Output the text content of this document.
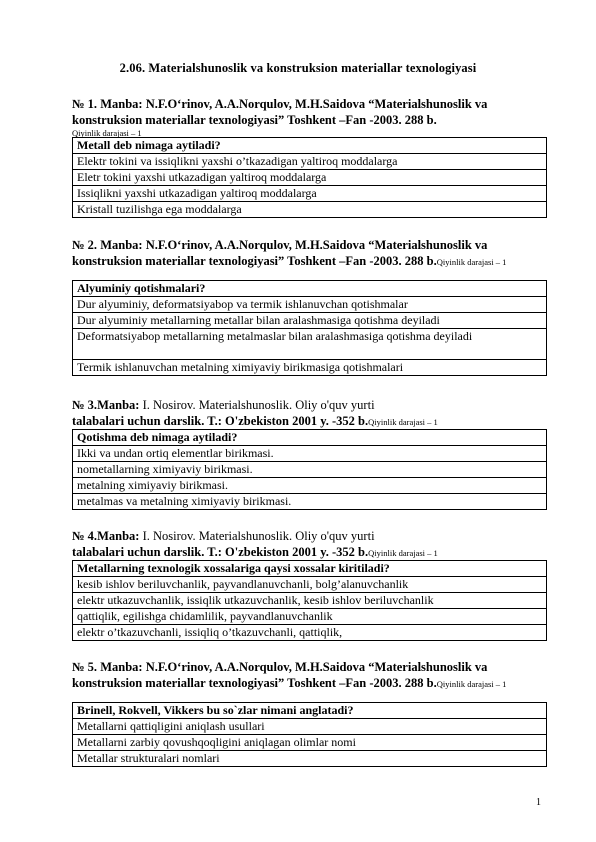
2.06. Materialshunoslik va konstruksion materiallar texnologiyasi
№ 1. Manba: N.F.O‘rinov, A.A.Norqulov, M.H.Saidova “Materialshunoslik va konstruksion materiallar texnologiyasi” Toshkent –Fan -2003. 288 b.
Qiyinlik darajasi – 1
Metall deb nimaga aytiladi?
Elektr tokini va issiqlikni yaxshi o’tkazadigan yaltiroq moddalarga
Eletr tokini yaxshi utkazadigan yaltiroq moddalarga
Issiqlikni yaxshi utkazadigan yaltiroq moddalarga
Kristall tuzilishga ega moddalarga
№ 2. Manba: N.F.O‘rinov, A.A.Norqulov, M.H.Saidova “Materialshunoslik va konstruksion materiallar texnologiyasi” Toshkent –Fan -2003. 288 b.Qiyinlik darajasi – 1
Alyuminiy qotishmalari?
Dur alyuminiy, deformatsiyabop va termik ishlanuvchan qotishmalar
Dur alyuminiy metallarning metallar bilan aralashmasiga qotishma deyiladi
Deformatsiyabop metallarning metalmaslar bilan aralashmasiga qotishma deyiladi
Termik ishlanuvchan metalning ximiyaviy birikmasiga qotishmalari
№ 3.Manba: I. Nosirov. Materialshunoslik. Oliy o'quv yurti
talabalari uchun darslik. T.: O'zbekiston 2001 y. -352 b.Qiyinlik darajasi – 1
Qotishma deb nimaga aytiladi?
Ikki va undan ortiq elementlar birikmasi.
nometallarning ximiyaviy birikmasi.
metalning ximiyaviy birikmasi.
metalmas va metalning ximiyaviy birikmasi.
№ 4.Manba: I. Nosirov. Materialshunoslik. Oliy o'quv yurti
talabalari uchun darslik. T.: O'zbekiston 2001 y. -352 b.Qiyinlik darajasi – 1
Metallarning texnologik xossalariga qaysi xossalar kiritiladi?
kesib ishlov beriluvchanlik, payvandlanuvchanli, bolg’alanuvchanlik
elektr utkazuvchanlik, issiqlik utkazuvchanlik, kesib ishlov beriluvchanlik
qattiqlik, egilishga chidamlilik, payvandlanuvchanlik
elektr o’tkazuvchanli, issiqliq o’tkazuvchanli, qattiqlik,
№ 5. Manba: N.F.O‘rinov, A.A.Norqulov, M.H.Saidova “Materialshunoslik va konstruksion materiallar texnologiyasi” Toshkent –Fan -2003. 288 b.Qiyinlik darajasi – 1
Brinell, Rokvell, Vikkers bu so`zlar nimani anglatadi?
Metallarni qattiqligini aniqlash usullari
Metallarni zarbiy qovushqoqligini aniqlagan olimlar nomi
Metallar strukturalari nomlari
1
